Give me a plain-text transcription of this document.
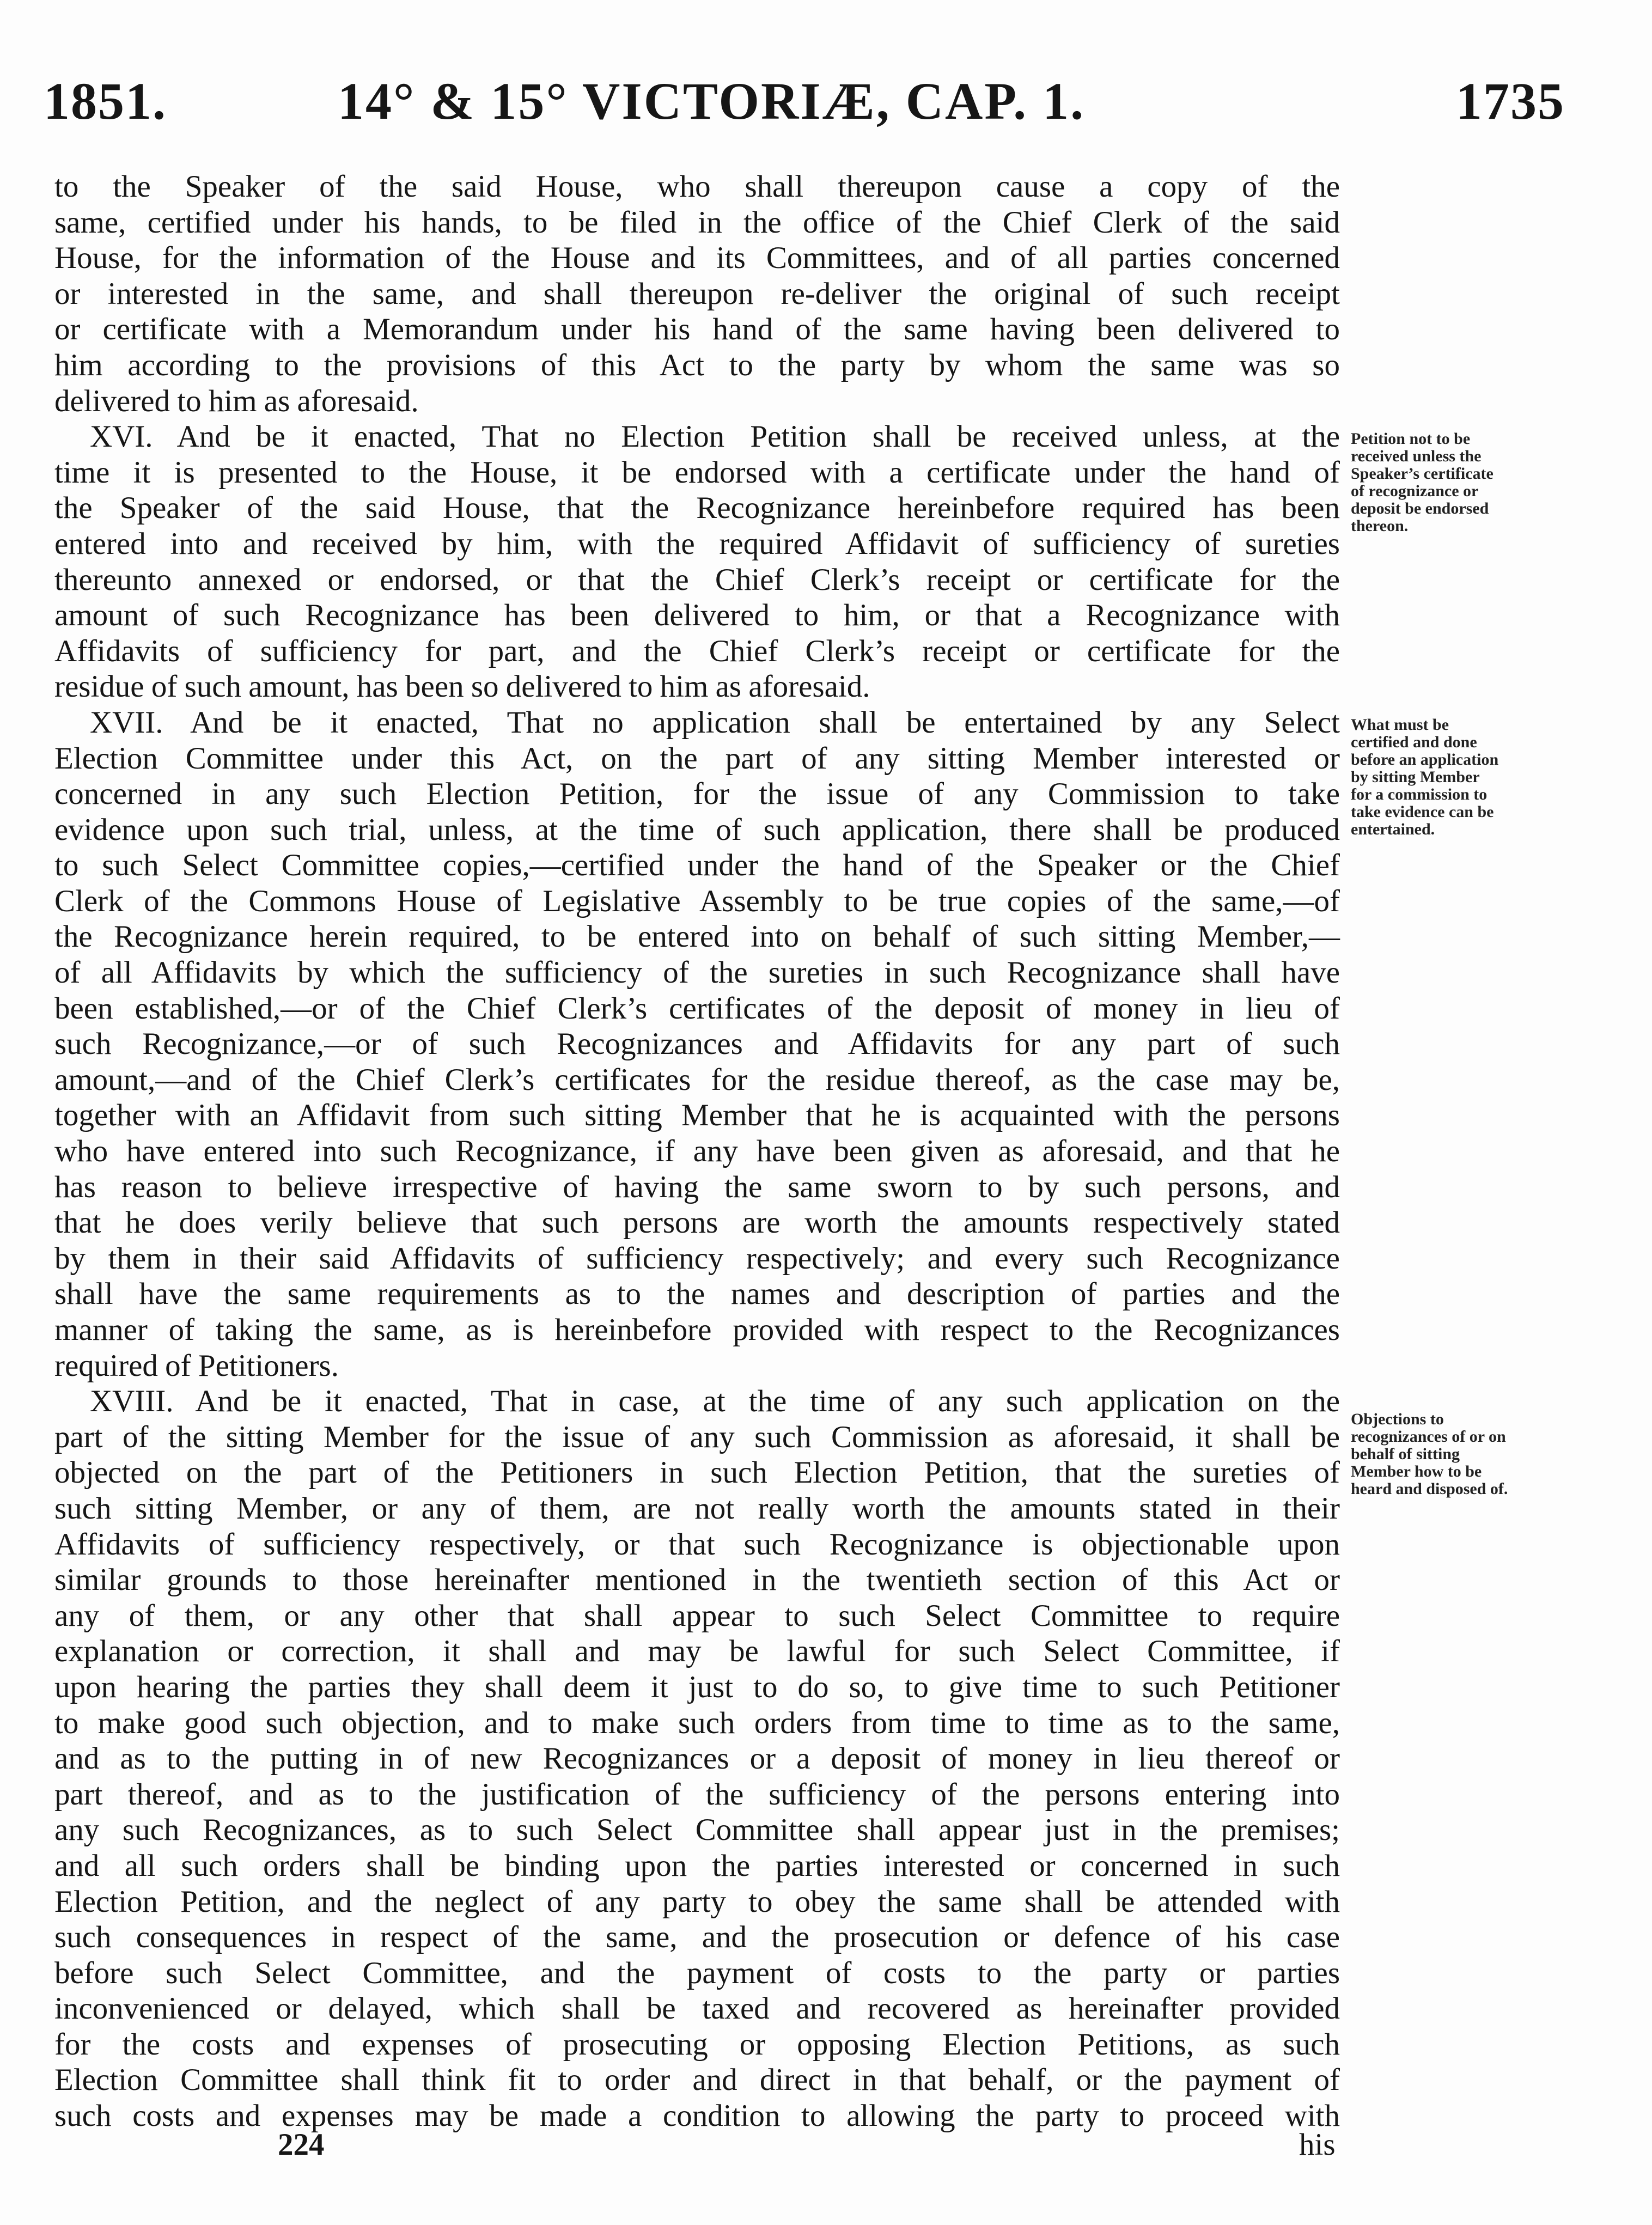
1851.	14° & 15° VICTORIÆ, CAP. 1.	1735
to the Speaker of the said House, who shall thereupon cause a copy of the
same, certified under his hands, to be filed in the office of the Chief Clerk of the said
House, for the information of the House and its Committees, and of all parties concerned
or interested in the same, and shall thereupon re-deliver the original of such receipt
or certificate with a Memorandum under his hand of the same having been delivered to
him according to the provisions of this Act to the party by whom the same was so
delivered to him as aforesaid.
XVI. And be it enacted, That no Election Petition shall be received unless, at the
time it is presented to the House, it be endorsed with a certificate under the hand of
the Speaker of the said House, that the Recognizance hereinbefore required has been
entered into and received by him, with the required Affidavit of sufficiency of sureties
thereunto annexed or endorsed, or that the Chief Clerk’s receipt or certificate for the
amount of such Recognizance has been delivered to him, or that a Recognizance with
Affidavits of sufficiency for part, and the Chief Clerk’s receipt or certificate for the
residue of such amount, has been so delivered to him as aforesaid.
XVII. And be it enacted, That no application shall be entertained by any Select
Election Committee under this Act, on the part of any sitting Member interested or
concerned in any such Election Petition, for the issue of any Commission to take
evidence upon such trial, unless, at the time of such application, there shall be produced
to such Select Committee copies,—certified under the hand of the Speaker or the Chief
Clerk of the Commons House of Legislative Assembly to be true copies of the same,—of
the Recognizance herein required, to be entered into on behalf of such sitting Member,—
of all Affidavits by which the sufficiency of the sureties in such Recognizance shall have
been established,—or of the Chief Clerk’s certificates of the deposit of money in lieu of
such Recognizance,—or of such Recognizances and Affidavits for any part of such
amount,—and of the Chief Clerk’s certificates for the residue thereof, as the case may be,
together with an Affidavit from such sitting Member that he is acquainted with the persons
who have entered into such Recognizance, if any have been given as aforesaid, and that he
has reason to believe irrespective of having the same sworn to by such persons, and
that he does verily believe that such persons are worth the amounts respectively stated
by them in their said Affidavits of sufficiency respectively; and every such Recognizance
shall have the same requirements as to the names and description of parties and the
manner of taking the same, as is hereinbefore provided with respect to the Recognizances
required of Petitioners.
XVIII. And be it enacted, That in case, at the time of any such application on the
part of the sitting Member for the issue of any such Commission as aforesaid, it shall be
objected on the part of the Petitioners in such Election Petition, that the sureties of
such sitting Member, or any of them, are not really worth the amounts stated in their
Affidavits of sufficiency respectively, or that such Recognizance is objectionable upon
similar grounds to those hereinafter mentioned in the twentieth section of this Act or
any of them, or any other that shall appear to such Select Committee to require
explanation or correction, it shall and may be lawful for such Select Committee, if
upon hearing the parties they shall deem it just to do so, to give time to such Petitioner
to make good such objection, and to make such orders from time to time as to the same,
and as to the putting in of new Recognizances or a deposit of money in lieu thereof or
part thereof, and as to the justification of the sufficiency of the persons entering into
any such Recognizances, as to such Select Committee shall appear just in the premises;
and all such orders shall be binding upon the parties interested or concerned in such
Election Petition, and the neglect of any party to obey the same shall be attended with
such consequences in respect of the same, and the prosecution or defence of his case
before such Select Committee, and the payment of costs to the party or parties
inconvenienced or delayed, which shall be taxed and recovered as hereinafter provided
for the costs and expenses of prosecuting or opposing Election Petitions, as such
Election Committee shall think fit to order and direct in that behalf, or the payment of
such costs and expenses may be made a condition to allowing the party to proceed with
Petition not to be
received unless the
Speaker’s certificate
of recognizance or
deposit be endorsed
thereon.
What must be
certified and done
before an application
by sitting Member
for a commission to
take evidence can be
entertained.
Objections to
recognizances of or on
behalf of sitting
Member how to be
heard and disposed of.
224	his
